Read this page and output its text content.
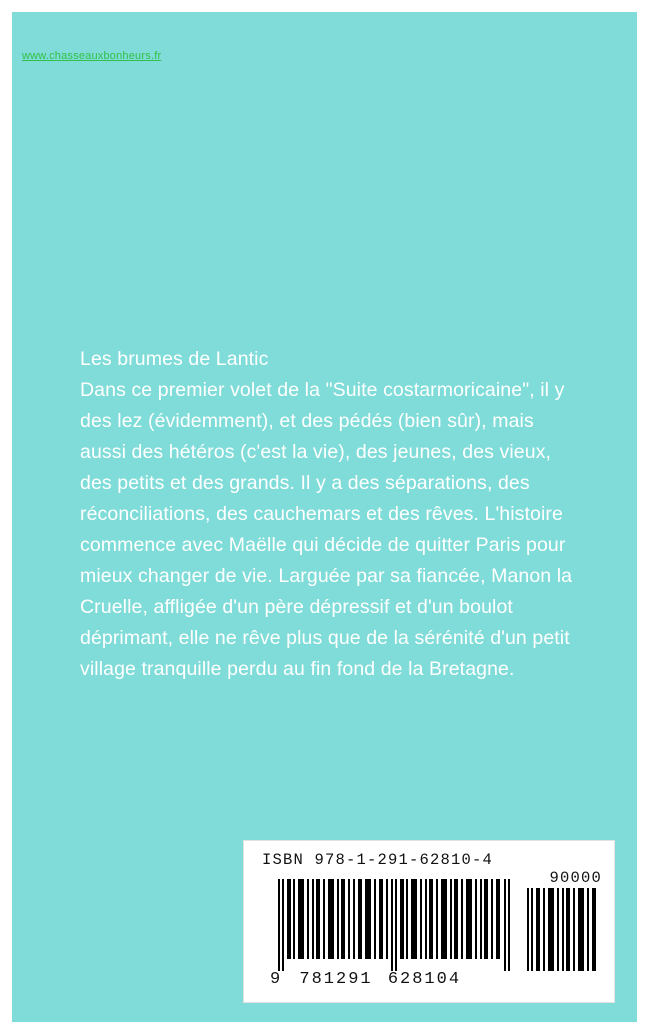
www.chasseauxbonheurs.fr
Les brumes de Lantic
Dans ce premier volet de la "Suite costarmoricaine", il y des lez (évidemment), et des pédés (bien sûr), mais aussi des hétéros (c'est la vie), des jeunes, des vieux, des petits et des grands. Il y a des séparations, des réconciliations, des cauchemars et des rêves. L'histoire commence avec Maëlle qui décide de quitter Paris pour mieux changer de vie. Larguée par sa fiancée, Manon la Cruelle, affligée d'un père dépressif et d'un boulot déprimant, elle ne rêve plus que de la sérénité d'un petit village tranquille perdu au fin fond de la Bretagne.
ISBN 978-1-291-62810-4
90000
9 781291 628104
